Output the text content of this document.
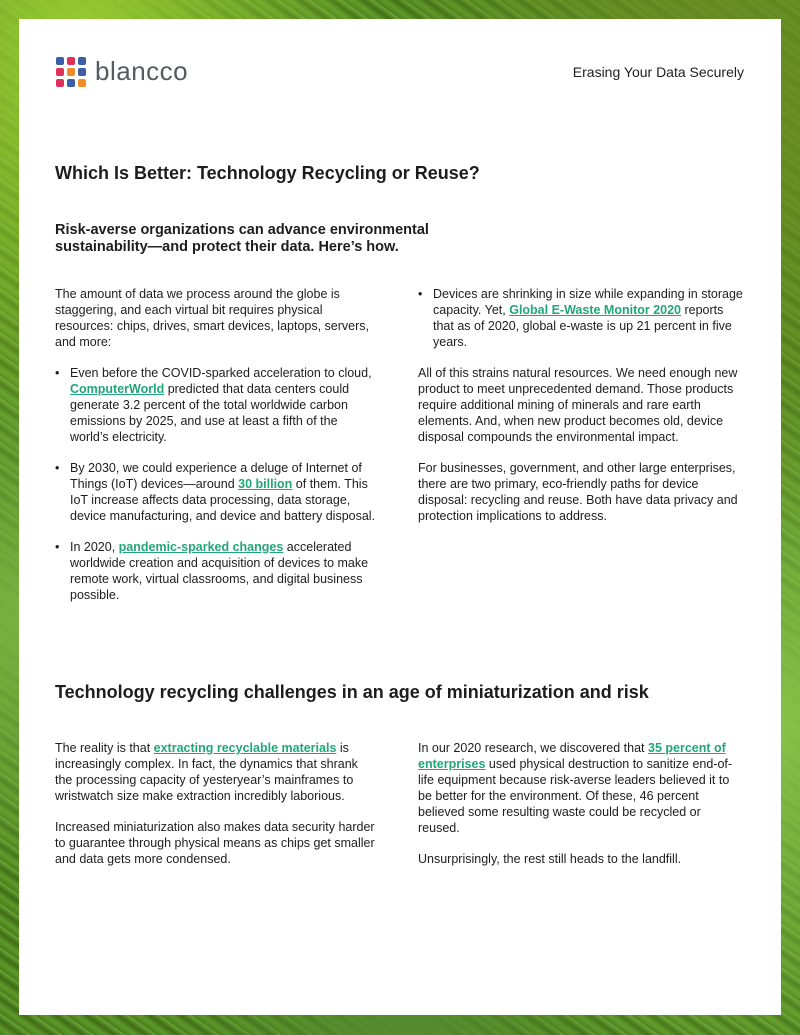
blancco	Erasing Your Data Securely
Which Is Better: Technology Recycling or Reuse?
Risk-averse organizations can advance environmental sustainability—and protect their data. Here’s how.

The amount of data we process around the globe is staggering, and each virtual bit requires physical resources: chips, drives, smart devices, laptops, servers, and more:

• Even before the COVID-sparked acceleration to cloud, ComputerWorld predicted that data centers could generate 3.2 percent of the total worldwide carbon emissions by 2025, and use at least a fifth of the world’s electricity.
• By 2030, we could experience a deluge of Internet of Things (IoT) devices—around 30 billion of them. This IoT increase affects data processing, data storage, device manufacturing, and device and battery disposal.
• In 2020, pandemic-sparked changes accelerated worldwide creation and acquisition of devices to make remote work, virtual classrooms, and digital business possible.
• Devices are shrinking in size while expanding in storage capacity. Yet, Global E-Waste Monitor 2020 reports that as of 2020, global e-waste is up 21 percent in five years.

All of this strains natural resources. We need enough new product to meet unprecedented demand. Those products require additional mining of minerals and rare earth elements. And, when new product becomes old, device disposal compounds the environmental impact.

For businesses, government, and other large enterprises, there are two primary, eco-friendly paths for device disposal: recycling and reuse. Both have data privacy and protection implications to address.

Technology recycling challenges in an age of miniaturization and risk

The reality is that extracting recyclable materials is increasingly complex. In fact, the dynamics that shrank the processing capacity of yesteryear’s mainframes to wristwatch size make extraction incredibly laborious.

Increased miniaturization also makes data security harder to guarantee through physical means as chips get smaller and data gets more condensed.

In our 2020 research, we discovered that 35 percent of enterprises used physical destruction to sanitize end-of-life equipment because risk-averse leaders believed it to be better for the environment. Of these, 46 percent believed some resulting waste could be recycled or reused.

Unsurprisingly, the rest still heads to the landfill.
